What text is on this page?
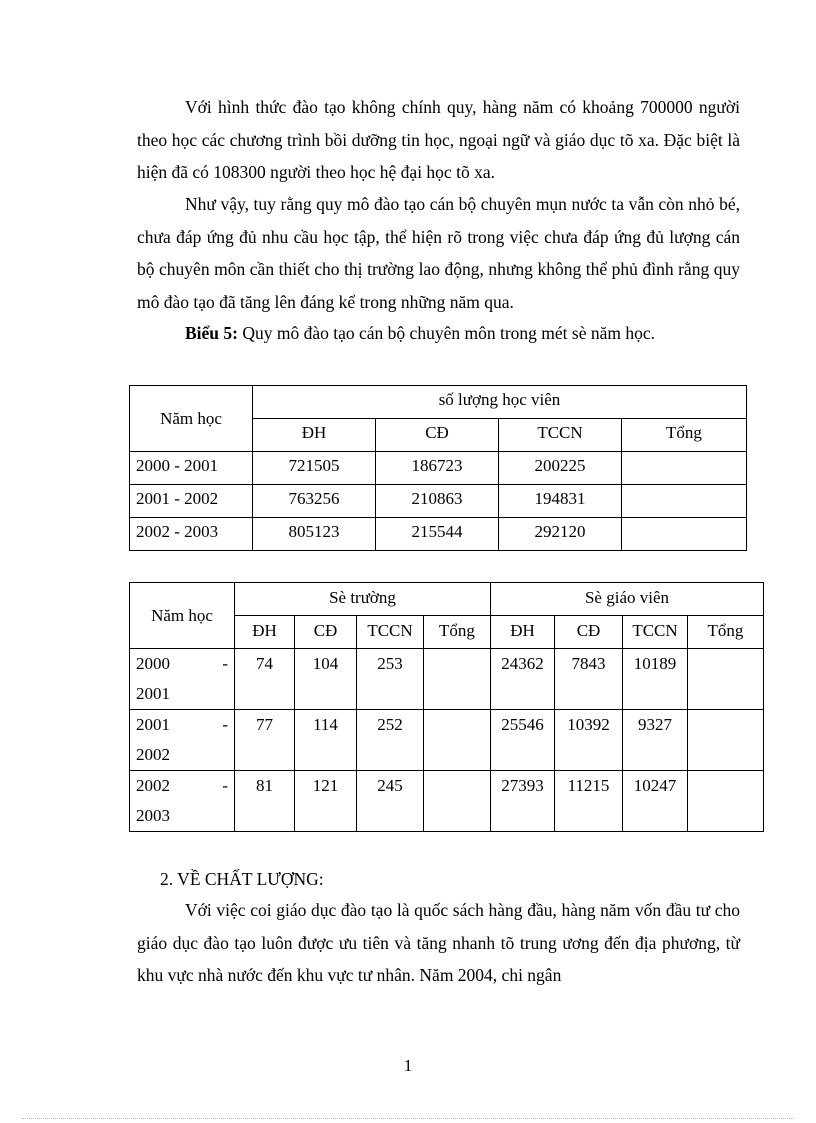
Với hình thức đào tạo không chính quy, hàng năm có khoảng 700000 người theo học các chương trình bồi dưỡng tin học, ngoại ngữ và giáo dục tõ xa. Đặc biệt là hiện đã có 108300 người theo học hệ đại học tõ xa.

Như vậy, tuy rằng quy mô đào tạo cán bộ chuyên mụn nước ta vẫn còn nhỏ bé, chưa đáp ứng đủ nhu cầu học tập, thể hiện rõ trong việc chưa đáp ứng đủ lượng cán bộ chuyên môn cần thiết cho thị trường lao động, nhưng không thể phủ đình rằng quy mô đào tạo đã tăng lên đáng kể trong những năm qua.

Biểu 5: Quy mô đào tạo cán bộ chuyên môn trong mét sè năm học.
Năm học	số lượng học viên			
	ĐH	CĐ	TCCN	Tổng
2000 - 2001	721505	186723	200225	
2001 - 2002	763256	210863	194831	
2002 - 2003	805123	215544	292120	
Năm học	Sè trường				Sè giáo viên			
	ĐH	CĐ	TCCN	Tổng	ĐH	CĐ	TCCN	Tổng

2000 -
2001	74	104	253		24362	7843	10189	

2001 -
2002	77	114	252		25546	10392	9327	

2002 -
2003	81	121	245		27393	11215	10247	
2. VỀ CHẤT LƯỢNG:

Với việc coi giáo dục đào tạo là quốc sách hàng đầu, hàng năm vốn đầu tư cho giáo dục đào tạo luôn được ưu tiên và tăng nhanh tõ trung ương đến địa phương, từ khu vực nhà nước đến khu vực tư nhân. Năm 2004, chi ngân

1
